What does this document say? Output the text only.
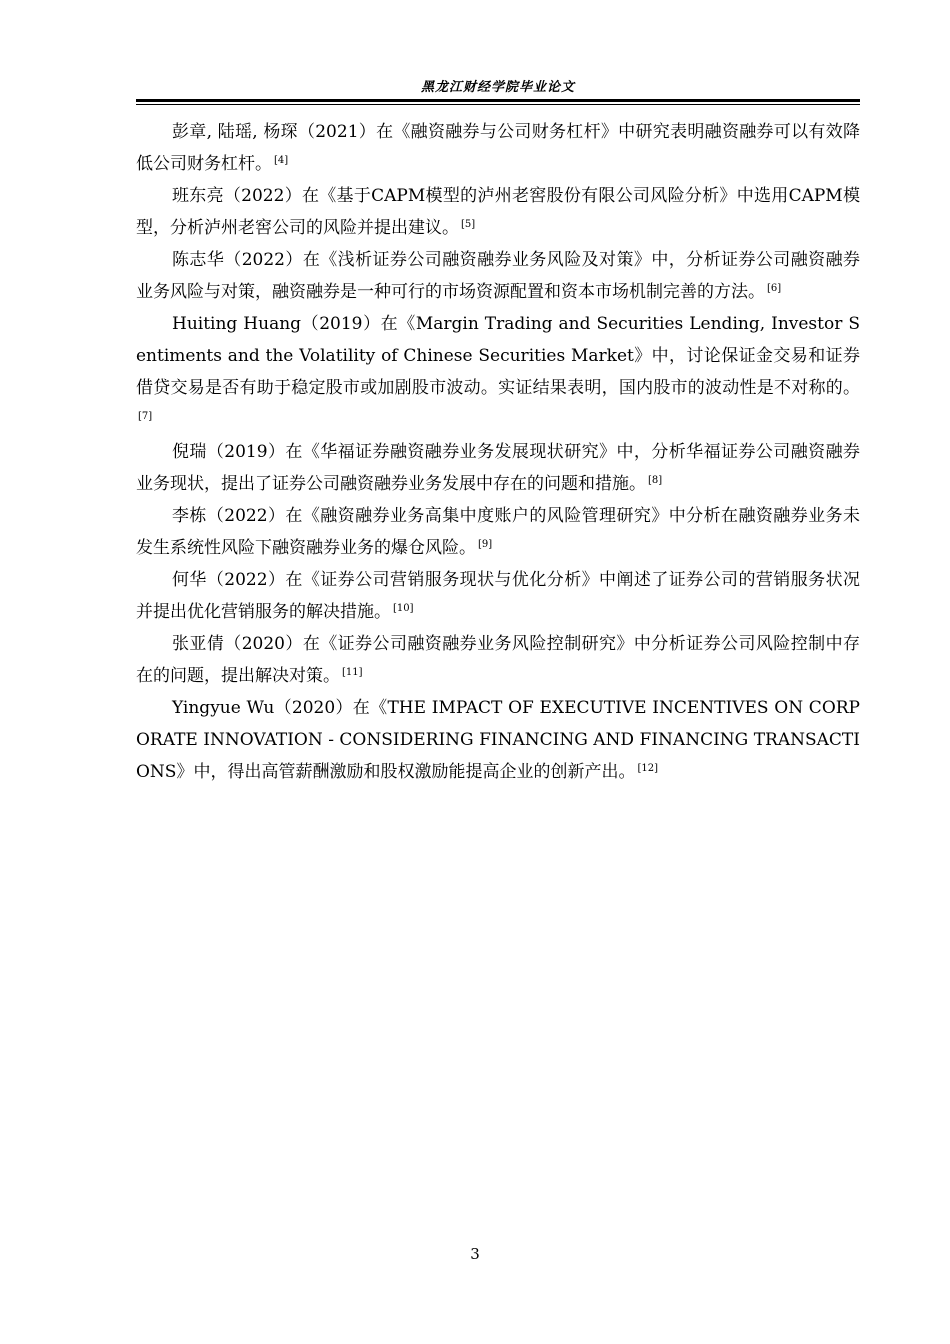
黑龙江财经学院毕业论文

彭章, 陆瑶, 杨琛（2021）在《融资融券与公司财务杠杆》中研究表明融资融券可以有效降低公司财务杠杆。 [4]

班东亮（2022）在《基于CAPM模型的泸州老窖股份有限公司风险分析》中选用CAPM模型，分析泸州老窖公司的风险并提出建议。 [5]

陈志华（2022）在《浅析证券公司融资融券业务风险及对策》中，分析证券公司融资融券业务风险与对策，融资融券是一种可行的市场资源配置和资本市场机制完善的方法。 [6]

Huiting Huang（2019）在《Margin Trading and Securities Lending, Investor Sentiments and the Volatility of Chinese Securities Market》中，讨论保证金交易和证券借贷交易是否有助于稳定股市或加剧股市波动。实证结果表明，国内股市的波动性是不对称的。[7]

倪瑞（2019）在《华福证券融资融券业务发展现状研究》中，分析华福证券公司融资融券业务现状，提出了证券公司融资融券业务发展中存在的问题和措施。 [8]

李栋（2022）在《融资融券业务高集中度账户的风险管理研究》中分析在融资融券业务未发生系统性风险下融资融券业务的爆仓风险。 [9]

何华（2022）在《证券公司营销服务现状与优化分析》中阐述了证券公司的营销服务状况并提出优化营销服务的解决措施。 [10]

张亚倩（2020）在《证券公司融资融券业务风险控制研究》中分析证券公司风险控制中存在的问题，提出解决对策。 [11]

Yingyue Wu（2020）在《THE IMPACT OF EXECUTIVE INCENTIVES ON CORPORATE INNOVATION - CONSIDERING FINANCING AND FINANCING TRANSACTIONS》中，得出高管薪酬激励和股权激励能提高企业的创新产出。 [12]

3
